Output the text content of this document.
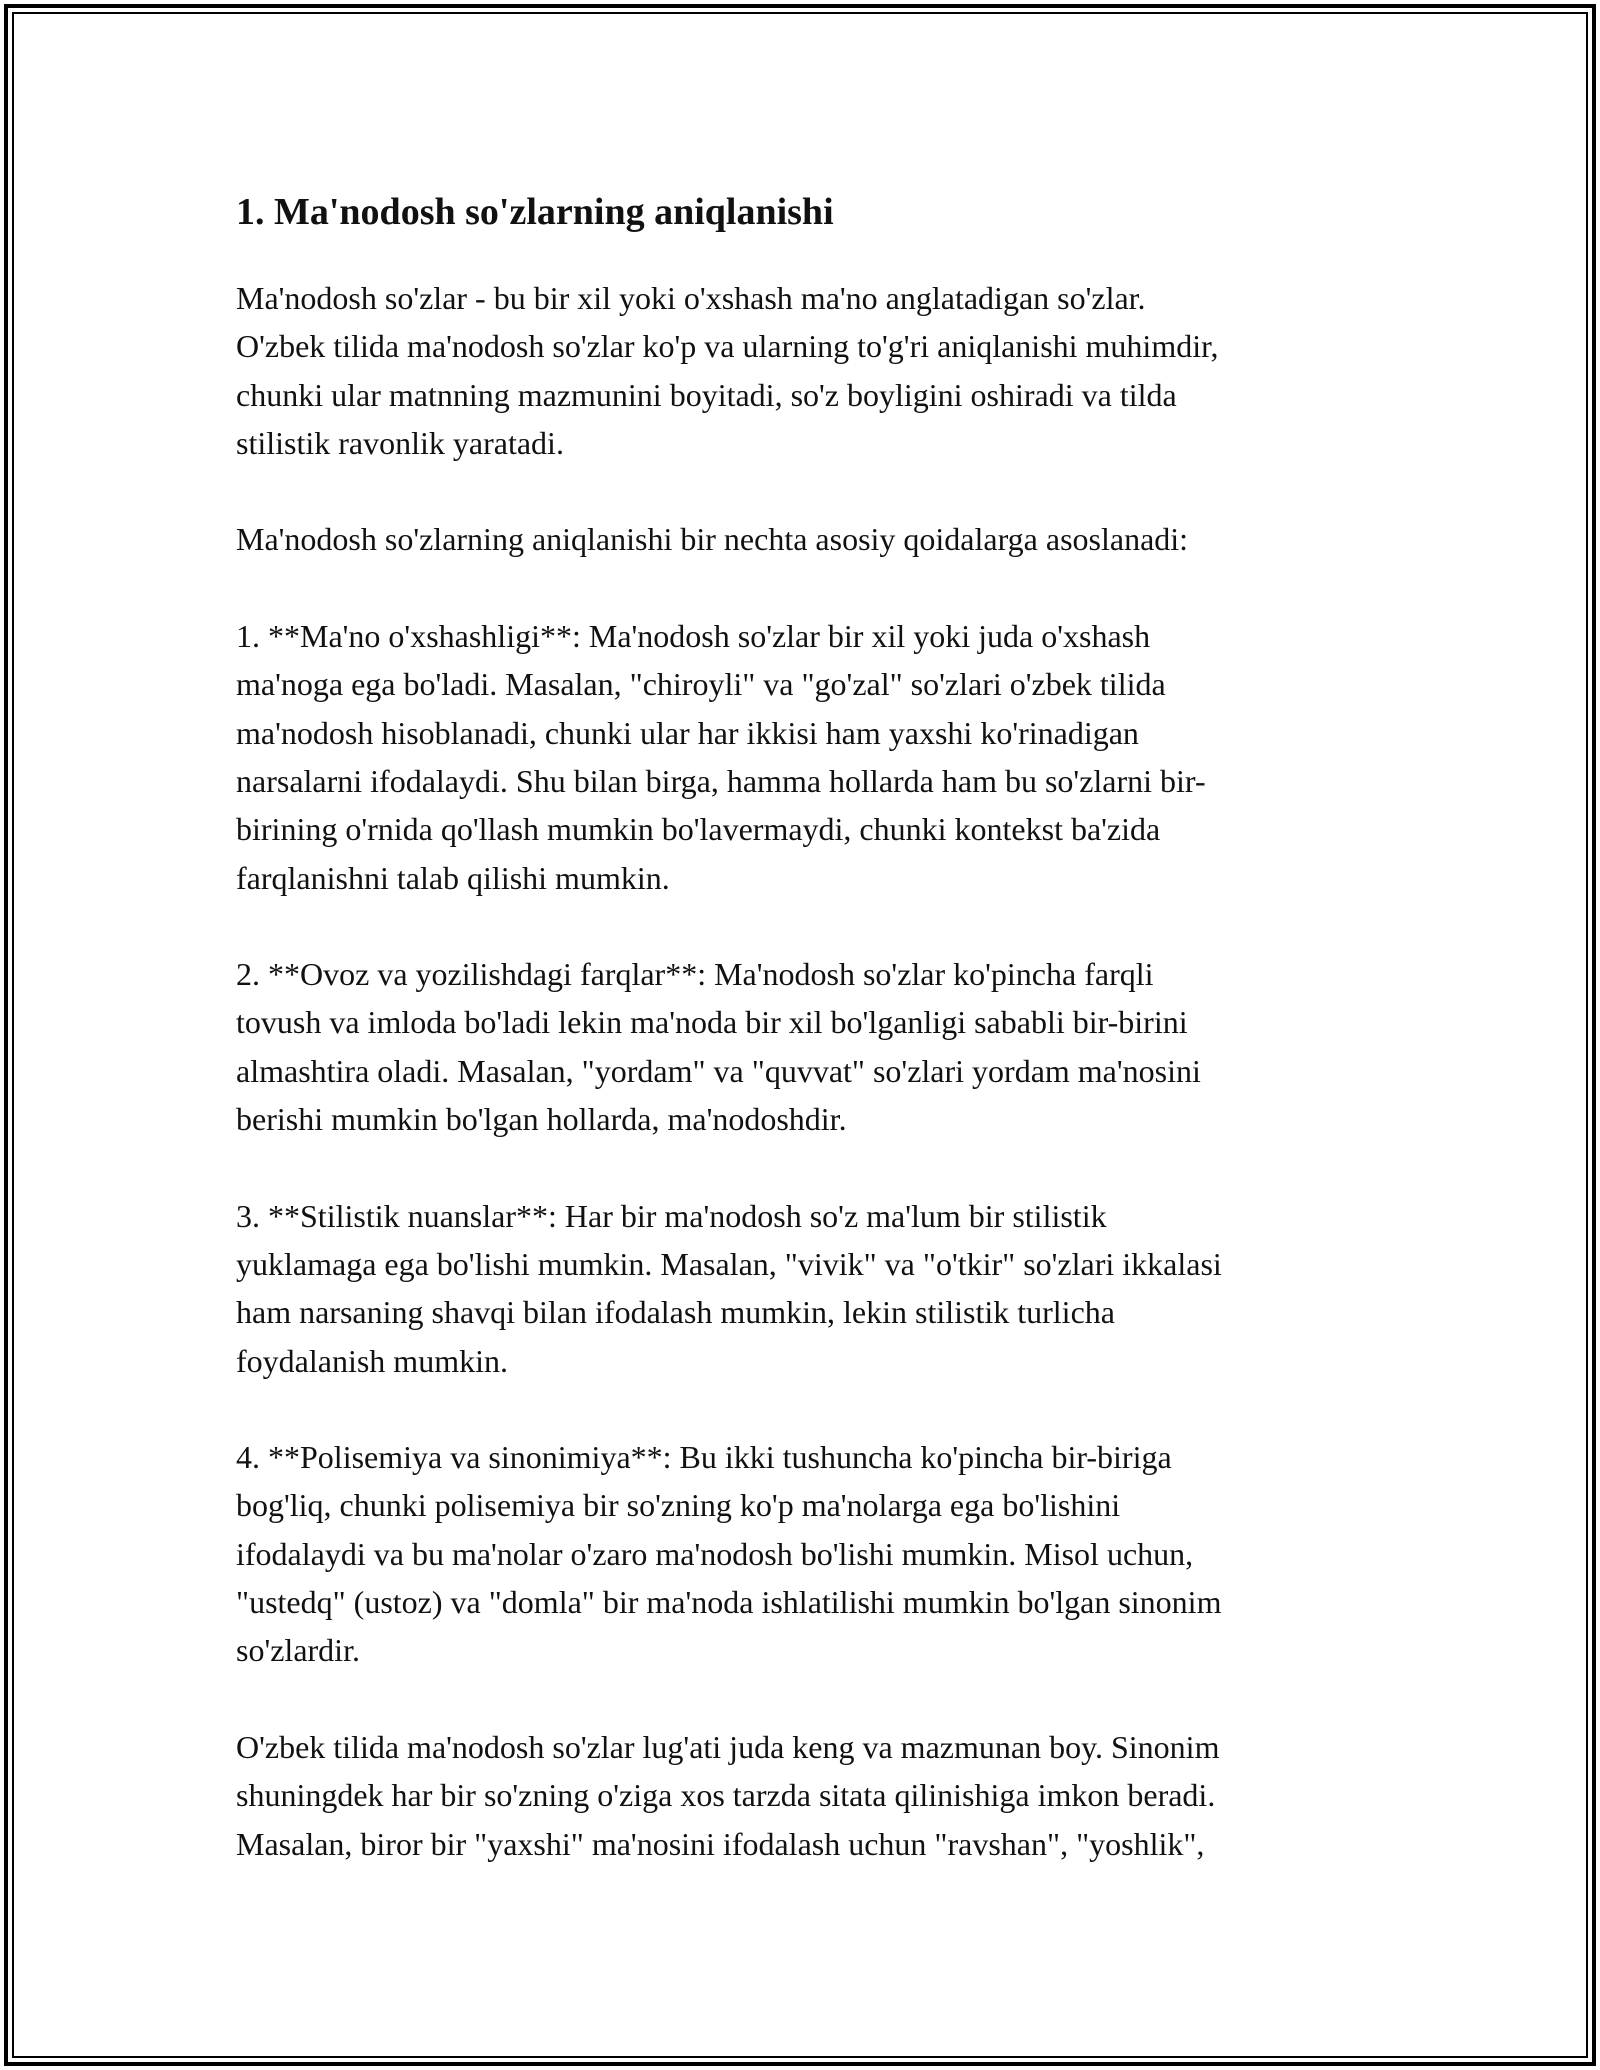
1. Ma'nodosh so'zlarning aniqlanishi

Ma'nodosh so'zlar - bu bir xil yoki o'xshash ma'no anglatadigan so'zlar.
O'zbek tilida ma'nodosh so'zlar ko'p va ularning to'g'ri aniqlanishi muhimdir,
chunki ular matnning mazmunini boyitadi, so'z boyligini oshiradi va tilda
stilistik ravonlik yaratadi.

Ma'nodosh so'zlarning aniqlanishi bir nechta asosiy qoidalarga asoslanadi:

1. **Ma'no o'xshashligi**: Ma'nodosh so'zlar bir xil yoki juda o'xshash
ma'noga ega bo'ladi. Masalan, "chiroyli" va "go'zal" so'zlari o'zbek tilida
ma'nodosh hisoblanadi, chunki ular har ikkisi ham yaxshi ko'rinadigan
narsalarni ifodalaydi. Shu bilan birga, hamma hollarda ham bu so'zlarni bir-
birining o'rnida qo'llash mumkin bo'lavermaydi, chunki kontekst ba'zida
farqlanishni talab qilishi mumkin.

2. **Ovoz va yozilishdagi farqlar**: Ma'nodosh so'zlar ko'pincha farqli
tovush va imloda bo'ladi lekin ma'noda bir xil bo'lganligi sababli bir-birini
almashtira oladi. Masalan, "yordam" va "quvvat" so'zlari yordam ma'nosini
berishi mumkin bo'lgan hollarda, ma'nodoshdir.

3. **Stilistik nuanslar**: Har bir ma'nodosh so'z ma'lum bir stilistik
yuklamaga ega bo'lishi mumkin. Masalan, "vivik" va "o'tkir" so'zlari ikkalasi
ham narsaning shavqi bilan ifodalash mumkin, lekin stilistik turlicha
foydalanish mumkin.

4. **Polisemiya va sinonimiya**: Bu ikki tushuncha ko'pincha bir-biriga
bog'liq, chunki polisemiya bir so'zning ko'p ma'nolarga ega bo'lishini
ifodalaydi va bu ma'nolar o'zaro ma'nodosh bo'lishi mumkin. Misol uchun,
"ustedq" (ustoz) va "domla" bir ma'noda ishlatilishi mumkin bo'lgan sinonim
so'zlardir.

O'zbek tilida ma'nodosh so'zlar lug'ati juda keng va mazmunan boy. Sinonim
shuningdek har bir so'zning o'ziga xos tarzda sitata qilinishiga imkon beradi.
Masalan, biror bir "yaxshi" ma'nosini ifodalash uchun "ravshan", "yoshlik",
